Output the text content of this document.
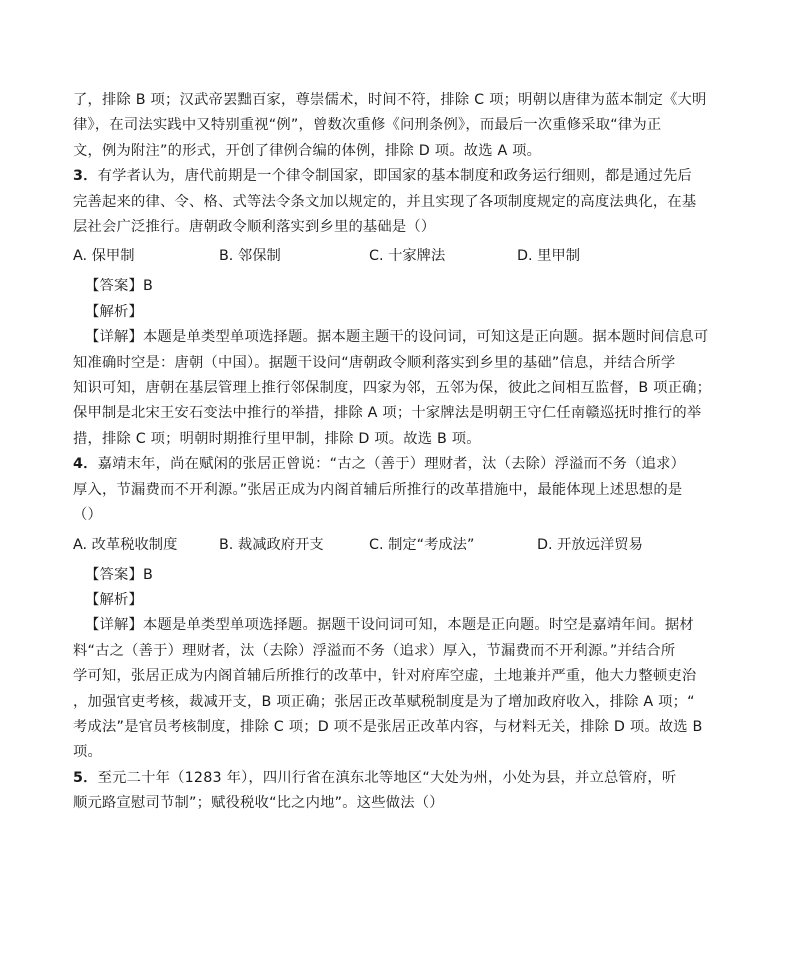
了，排除 B 项；汉武帝罢黜百家，尊崇儒术，时间不符，排除 C 项；明朝以唐律为蓝本制定《大明
律》，在司法实践中又特别重视“例”，曾数次重修《问刑条例》，而最后一次重修采取“律为正
文，例为附注”的形式，开创了律例合编的体例，排除 D 项。故选 A 项。
3．有学者认为，唐代前期是一个律令制国家，即国家的基本制度和政务运行细则，都是通过先后
完善起来的律、令、格、式等法令条文加以规定的，并且实现了各项制度规定的高度法典化，在基
层社会广泛推行。唐朝政令顺利落实到乡里的基础是（）
A. 保甲制	B. 邻保制	C. 十家牌法	D. 里甲制
【答案】B
【解析】
【详解】本题是单类型单项选择题。据本题主题干的设问词，可知这是正向题。据本题时间信息可
知准确时空是：唐朝（中国）。据题干设问“唐朝政令顺利落实到乡里的基础”信息，并结合所学
知识可知，唐朝在基层管理上推行邻保制度，四家为邻，五邻为保，彼此之间相互监督，B 项正确；
保甲制是北宋王安石变法中推行的举措，排除 A 项；十家牌法是明朝王守仁任南赣巡抚时推行的举
措，排除 C 项；明朝时期推行里甲制，排除 D 项。故选 B 项。
4．嘉靖末年，尚在赋闲的张居正曾说：“古之（善于）理财者，汰（去除）浮溢而不务（追求）
厚入，节漏费而不开利源。”张居正成为内阁首辅后所推行的改革措施中，最能体现上述思想的是
（）
A. 改革税收制度	B. 裁减政府开支	C. 制定“考成法”	D. 开放远洋贸易
【答案】B
【解析】
【详解】本题是单类型单项选择题。据题干设问词可知，本题是正向题。时空是嘉靖年间。据材
料“古之（善于）理财者，汰（去除）浮溢而不务（追求）厚入，节漏费而不开利源。”并结合所
学可知，张居正成为内阁首辅后所推行的改革中，针对府库空虚，土地兼并严重，他大力整顿吏治
，加强官吏考核，裁减开支，B 项正确；张居正改革赋税制度是为了增加政府收入，排除 A 项；“
考成法”是官员考核制度，排除 C 项；D 项不是张居正改革内容，与材料无关，排除 D 项。故选 B
项。
5．至元二十年（1283 年），四川行省在滇东北等地区“大处为州，小处为县，并立总管府，听
顺元路宣慰司节制”；赋役税收“比之内地”。这些做法（）
